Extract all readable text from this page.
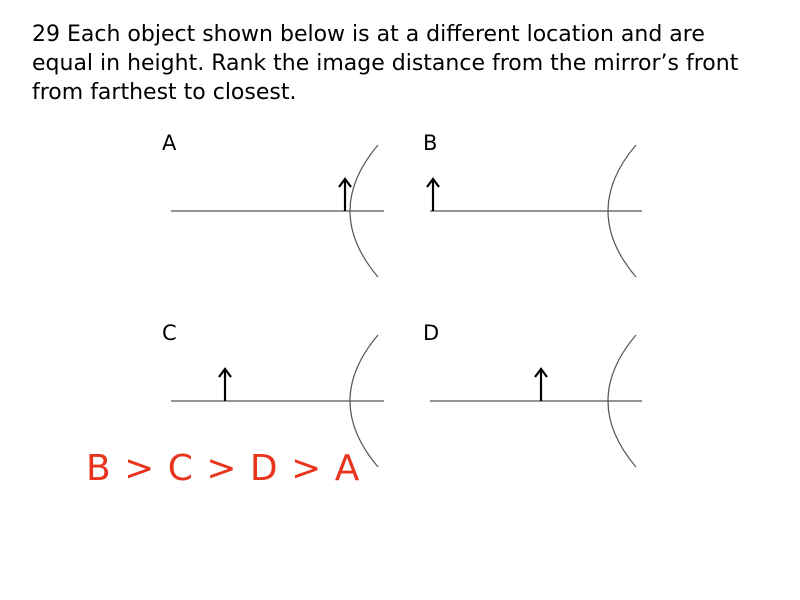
29 Each object shown below is at a different location and are equal in height. Rank the image distance from the mirror’s front from farthest to closest.

A	B
C	D
B > C > D > A
